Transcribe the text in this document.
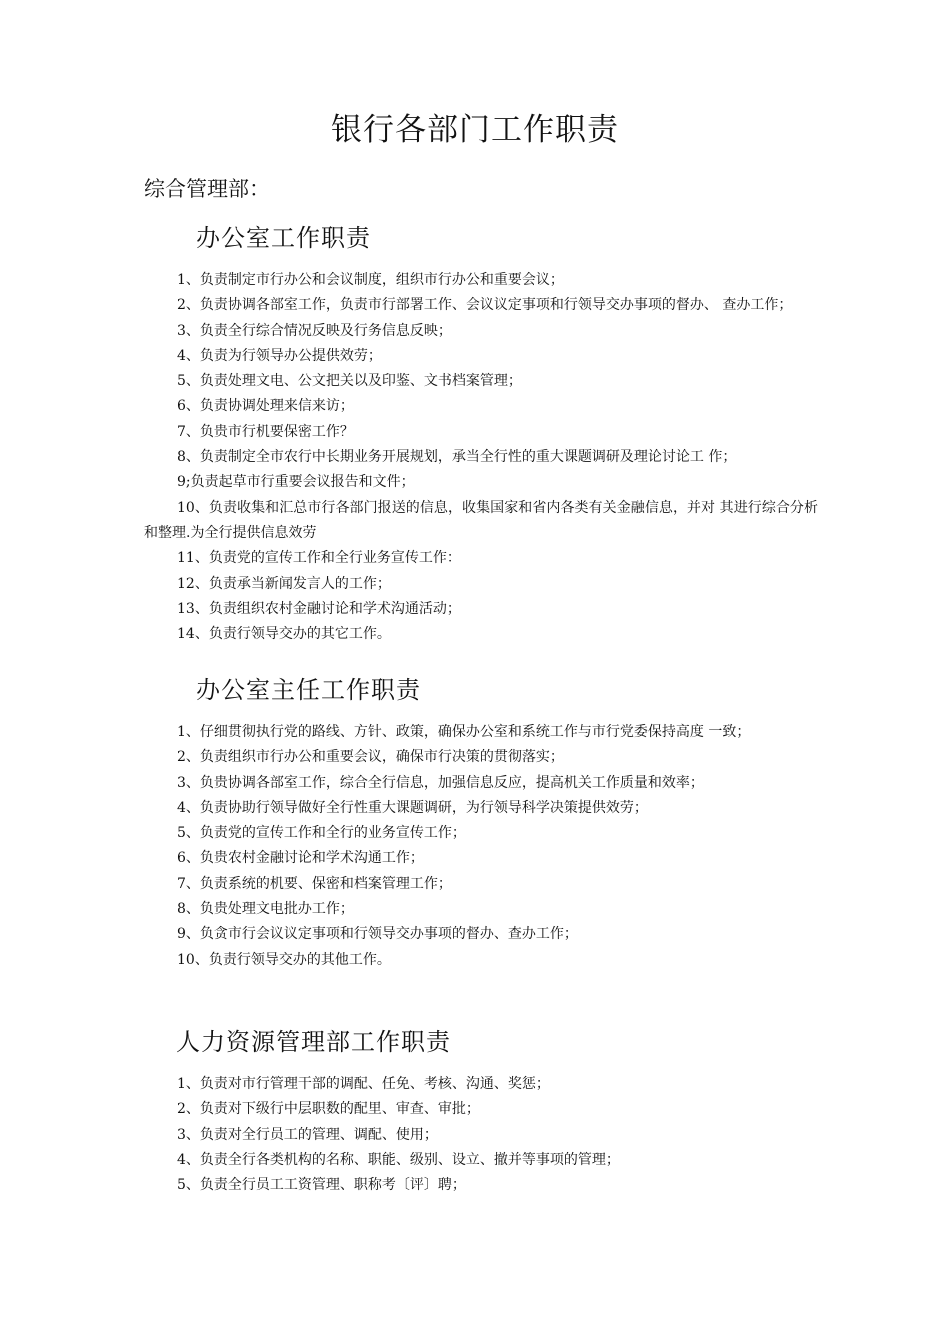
银行各部门工作职责
综合管理部：
办公室工作职责
1、负责制定市行办公和会议制度，组织市行办公和重要会议；
2、负责协调各部室工作，负责市行部署工作、会议议定事项和行领导交办事项的督办、 查办工作；
3、负责全行综合情况反映及行务信息反映；
4、负责为行领导办公提供效劳；
5、负责处理文电、公文把关以及印鉴、文书档案管理；
6、负责协调处理来信来访；
7、负贵市行机要保密工作？
8、负责制定全市农行中长期业务开展规划，承当全行性的重大课题调研及理论讨论工 作；
9;负责起草市行重要会议报告和文件；
10、负责收集和汇总市行各部门报送的信息，收集国家和省内各类有关金融信息，并对 其进行综合分析和整理.为全行提供信息效劳
11、负责党的宣传工作和全行业务宣传工作：
12、负责承当新闻发言人的工作；
13、负责组织农村金融讨论和学术沟通活动；
14、负责行领导交办的其它工作。
办公室主任工作职责
1、仔细贯彻执行党的路线、方针、政策，确保办公室和系统工作与市行党委保持高度 一致；
2、负责组织市行办公和重要会议，确保市行决策的贯彻落实；
3、负贵协调各部室工作，综合全行信息，加强信息反应，提高机关工作质量和效率；
4、负责协助行领导做好全行性重大课题调研，为行领导科学决策提供效劳；
5、负责党的宣传工作和全行的业务宣传工作；
6、负贵农村金融讨论和学术沟通工作；
7、负责系统的机要、保密和档案管理工作；
8、负贵处理文电批办工作；
9、负贪市行会议议定事项和行领导交办事项的督办、查办工作；
10、负责行领导交办的其他工作。
人力资源管理部工作职责
1、负责对市行管理干部的调配、任免、考核、沟通、奖惩；
2、负责对下级行中层职数的配里、审查、审批；
3、负责对全行员工的管理、调配、使用；
4、负责全行各类机构的名称、职能、级别、设立、撤并等事项的管理；
5、负责全行员工工资管理、职称考〔评〕聘；
